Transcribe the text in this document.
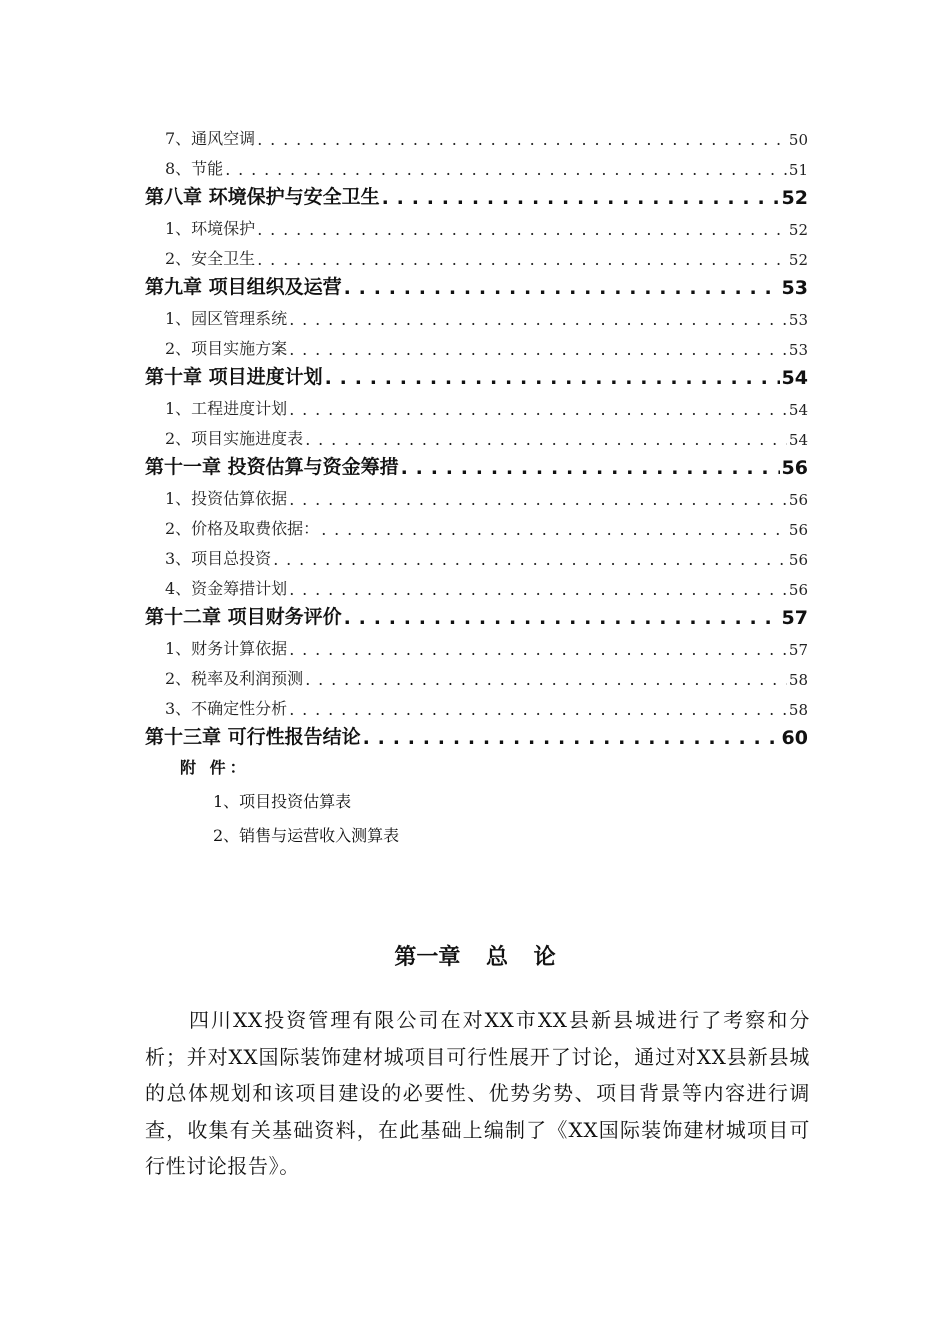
7、通风空调 . . .	50
8、节能 . . .	51
第八章 环境保护与安全卫生 . . .	52
1、环境保护 . . .	52
2、安全卫生 . . .	52
第九章 项目组织及运营 . . .	53
1、园区管理系统 . . .	53
2、项目实施方案 . . .	53
第十章 项目进度计划 . . .	54
1、工程进度计划 . . .	54
2、项目实施进度表 . . .	54
第十一章 投资估算与资金筹措 . . .	56
1、投资估算依据 . . .	56
2、价格及取费依据： . . .	56
3、项目总投资 . . .	56
4、资金筹措计划 . . .	56
第十二章 项目财务评价 . . .	57
1、财务计算依据 . . .	57
2、税率及利润预测 . . .	58
3、不确定性分析 . . .	58
第十三章 可行性报告结论 . . .	60
附 件：
1、项目投资估算表
2、销售与运营收入测算表
第一章 总 论

四川XX投资管理有限公司在对XX市XX县新县城进行了考察和分析；并对XX国际装饰建材城项目可行性展开了讨论，通过对XX县新县城的总体规划和该项目建设的必要性、优势劣势、项目背景等内容进行调查，收集有关基础资料，在此基础上编制了《XX国际装饰建材城项目可行性讨论报告》。
